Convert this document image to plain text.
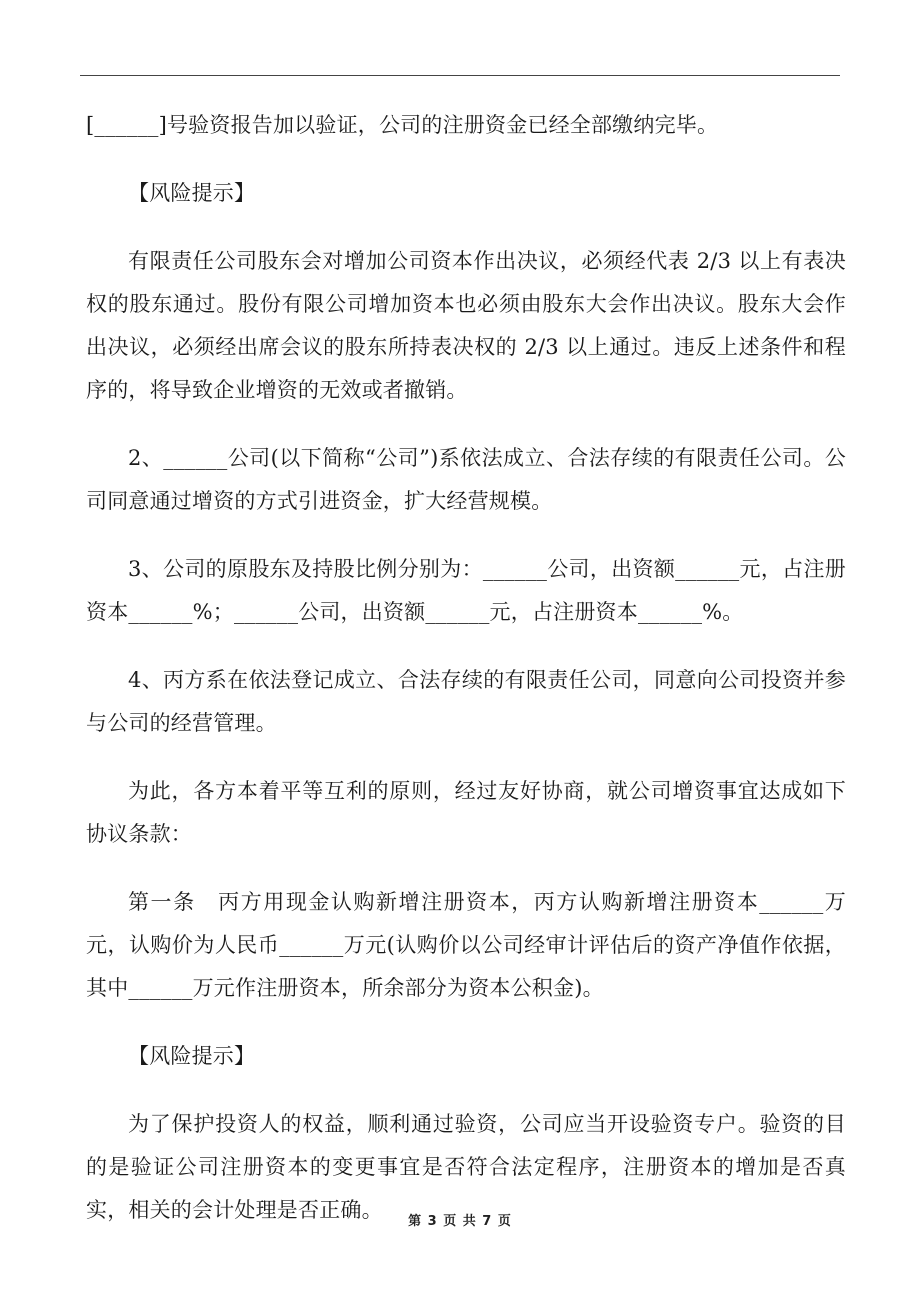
[______]号验资报告加以验证，公司的注册资金已经全部缴纳完毕。

【风险提示】

有限责任公司股东会对增加公司资本作出决议，必须经代表 2/3 以上有表决权的股东通过。股份有限公司增加资本也必须由股东大会作出决议。股东大会作出决议，必须经出席会议的股东所持表决权的 2/3 以上通过。违反上述条件和程序的，将导致企业增资的无效或者撤销。

2、______公司(以下简称“公司”)系依法成立、合法存续的有限责任公司。公司同意通过增资的方式引进资金，扩大经营规模。

3、公司的原股东及持股比例分别为：______公司，出资额______元，占注册资本______%；______公司，出资额______元，占注册资本______%。

4、丙方系在依法登记成立、合法存续的有限责任公司，同意向公司投资并参与公司的经营管理。

为此，各方本着平等互利的原则，经过友好协商，就公司增资事宜达成如下协议条款：

第一条　丙方用现金认购新增注册资本，丙方认购新增注册资本______万元，认购价为人民币______万元(认购价以公司经审计评估后的资产净值作依据，其中______万元作注册资本，所余部分为资本公积金)。

【风险提示】

为了保护投资人的权益，顺利通过验资，公司应当开设验资专户。验资的目的是验证公司注册资本的变更事宜是否符合法定程序，注册资本的增加是否真实，相关的会计处理是否正确。	第 3 页 共 7 页
